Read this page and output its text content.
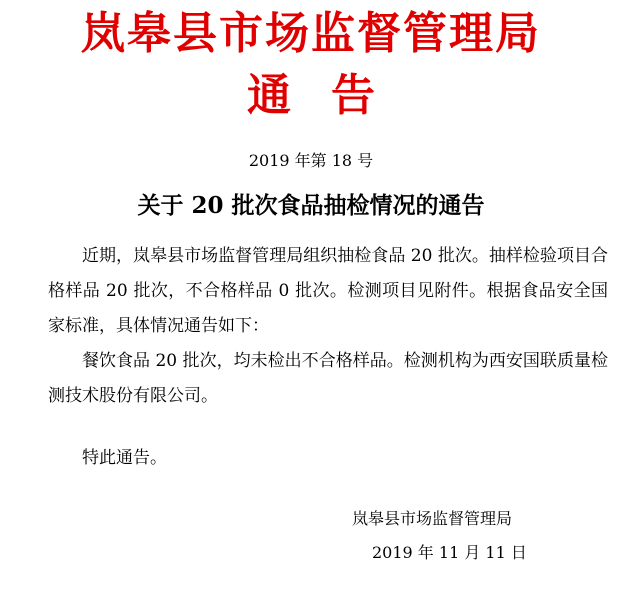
岚皋县市场监督管理局
通告
2019 年第 18 号
关于 20 批次食品抽检情况的通告

近期，岚皋县市场监督管理局组织抽检食品 20 批次。抽样检验项目合格样品 20 批次，不合格样品 0 批次。检测项目见附件。根据食品安全国家标准，具体情况通告如下：

餐饮食品 20 批次，均未检出不合格样品。检测机构为西安国联质量检测技术股份有限公司。

特此通告。
岚皋县市场监督管理局
2019 年 11 月 11 日
